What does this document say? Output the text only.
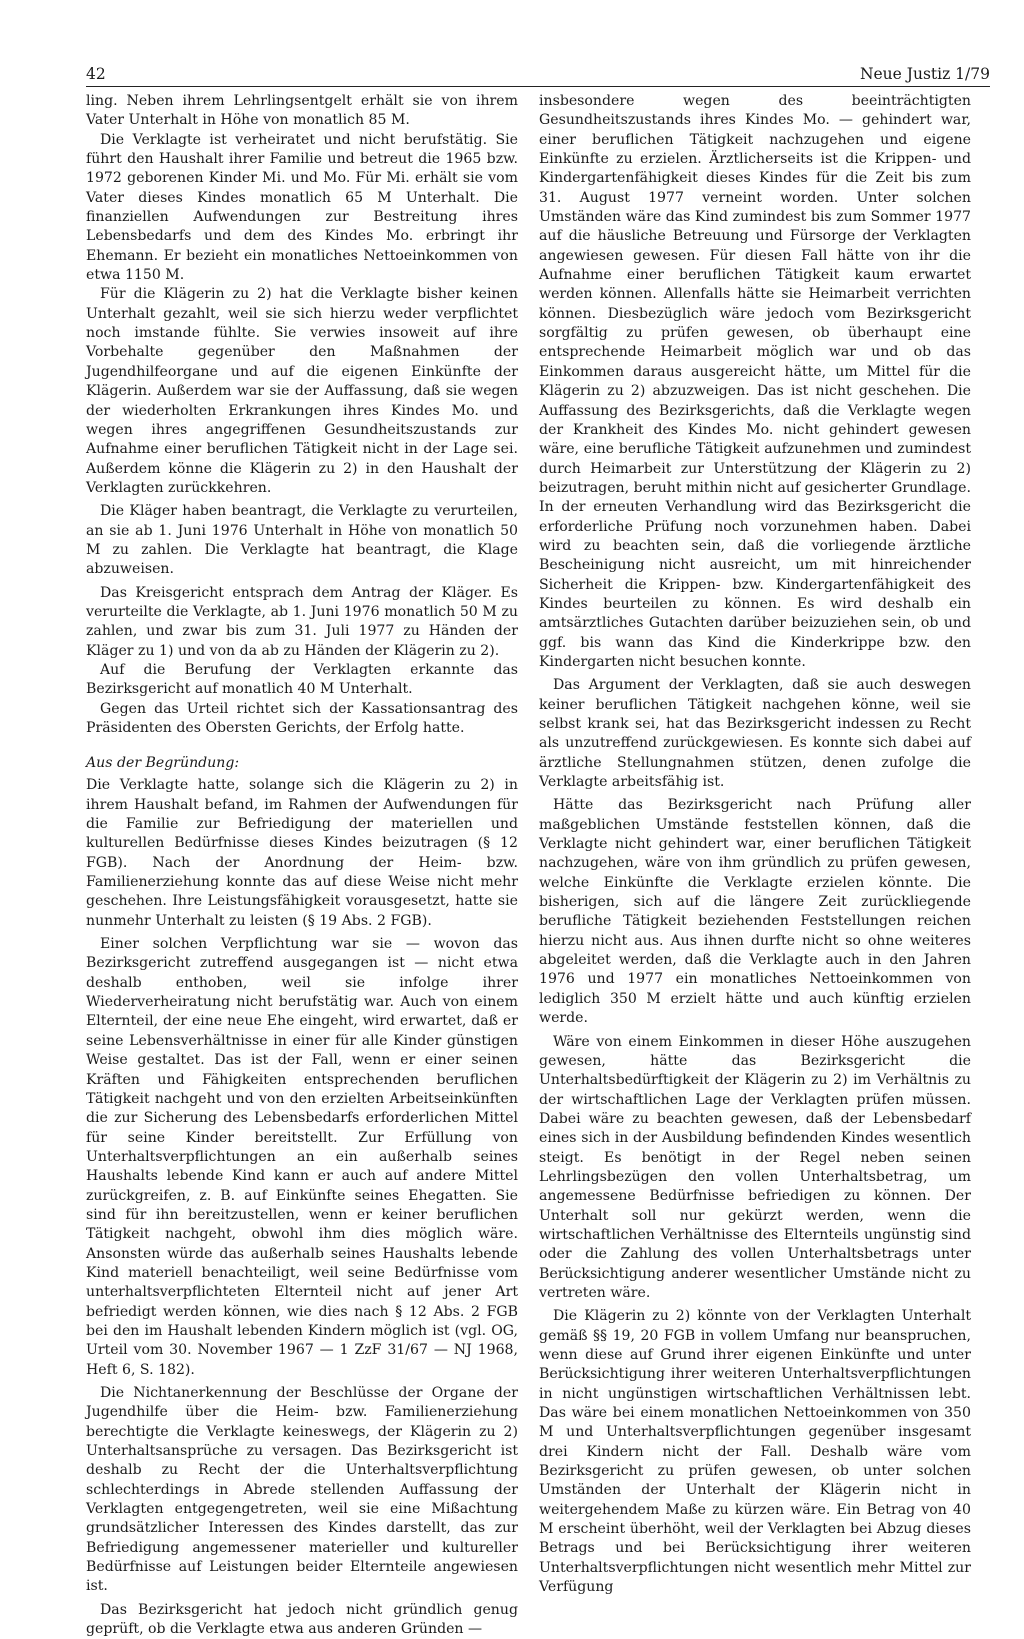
42	Neue Justiz 1/79

ling. Neben ihrem Lehrlingsentgelt erhält sie von ihrem Vater Unterhalt in Höhe von monatlich 85 M.

Die Verklagte ist verheiratet und nicht berufstätig. Sie führt den Haushalt ihrer Familie und betreut die 1965 bzw. 1972 geborenen Kinder Mi. und Mo. Für Mi. erhält sie vom Vater dieses Kindes monatlich 65 M Unterhalt. Die finanziellen Aufwendungen zur Bestreitung ihres Lebensbedarfs und dem des Kindes Mo. erbringt ihr Ehemann. Er bezieht ein monatliches Nettoeinkommen von etwa 1150 M.

Für die Klägerin zu 2) hat die Verklagte bisher keinen Unterhalt gezahlt, weil sie sich hierzu weder verpflichtet noch imstande fühlte. Sie verwies insoweit auf ihre Vorbehalte gegenüber den Maßnahmen der Jugendhilfeorgane und auf die eigenen Einkünfte der Klägerin. Außerdem war sie der Auffassung, daß sie wegen der wiederholten Erkrankungen ihres Kindes Mo. und wegen ihres angegriffenen Gesundheitszustands zur Aufnahme einer beruflichen Tätigkeit nicht in der Lage sei. Außerdem könne die Klägerin zu 2) in den Haushalt der Verklagten zurückkehren.

Die Kläger haben beantragt, die Verklagte zu verurteilen, an sie ab 1. Juni 1976 Unterhalt in Höhe von monatlich 50 M zu zahlen. Die Verklagte hat beantragt, die Klage abzuweisen.

Das Kreisgericht entsprach dem Antrag der Kläger. Es verurteilte die Verklagte, ab 1. Juni 1976 monatlich 50 M zu zahlen, und zwar bis zum 31. Juli 1977 zu Händen der Kläger zu 1) und von da ab zu Händen der Klägerin zu 2).

Auf die Berufung der Verklagten erkannte das Bezirksgericht auf monatlich 40 M Unterhalt.

Gegen das Urteil richtet sich der Kassationsantrag des Präsidenten des Obersten Gerichts, der Erfolg hatte.

Aus der Begründung:

Die Verklagte hatte, solange sich die Klägerin zu 2) in ihrem Haushalt befand, im Rahmen der Aufwendungen für die Familie zur Befriedigung der materiellen und kulturellen Bedürfnisse dieses Kindes beizutragen (§ 12 FGB). Nach der Anordnung der Heim- bzw. Familienerziehung konnte das auf diese Weise nicht mehr geschehen. Ihre Leistungsfähigkeit vorausgesetzt, hatte sie nunmehr Unterhalt zu leisten (§ 19 Abs. 2 FGB).

Einer solchen Verpflichtung war sie — wovon das Bezirksgericht zutreffend ausgegangen ist — nicht etwa deshalb enthoben, weil sie infolge ihrer Wiederverheiratung nicht berufstätig war. Auch von einem Elternteil, der eine neue Ehe eingeht, wird erwartet, daß er seine Lebensverhältnisse in einer für alle Kinder günstigen Weise gestaltet. Das ist der Fall, wenn er einer seinen Kräften und Fähigkeiten entsprechenden beruflichen Tätigkeit nachgeht und von den erzielten Arbeitseinkünften die zur Sicherung des Lebensbedarfs erforderlichen Mittel für seine Kinder bereitstellt. Zur Erfüllung von Unterhaltsverpflichtungen an ein außerhalb seines Haushalts lebende Kind kann er auch auf andere Mittel zurückgreifen, z. B. auf Einkünfte seines Ehegatten. Sie sind für ihn bereitzustellen, wenn er keiner beruflichen Tätigkeit nachgeht, obwohl ihm dies möglich wäre. Ansonsten würde das außerhalb seines Haushalts lebende Kind materiell benachteiligt, weil seine Bedürfnisse vom unterhaltsverpflichteten Elternteil nicht auf jener Art befriedigt werden können, wie dies nach § 12 Abs. 2 FGB bei den im Haushalt lebenden Kindern möglich ist (vgl. OG, Urteil vom 30. November 1967 — 1 ZzF 31/67 — NJ 1968, Heft 6, S. 182).

Die Nichtanerkennung der Beschlüsse der Organe der Jugendhilfe über die Heim- bzw. Familienerziehung berechtigte die Verklagte keineswegs, der Klägerin zu 2) Unterhaltsansprüche zu versagen. Das Bezirksgericht ist deshalb zu Recht der die Unterhaltsverpflichtung schlechterdings in Abrede stellenden Auffassung der Verklagten entgegengetreten, weil sie eine Mißachtung grundsätzlicher Interessen des Kindes darstellt, das zur Befriedigung angemessener materieller und kultureller Bedürfnisse auf Leistungen beider Elternteile angewiesen ist.

Das Bezirksgericht hat jedoch nicht gründlich genug geprüft, ob die Verklagte etwa aus anderen Gründen —

insbesondere wegen des beeinträchtigten Gesundheitszustands ihres Kindes Mo. — gehindert war, einer beruflichen Tätigkeit nachzugehen und eigene Einkünfte zu erzielen. Ärztlicherseits ist die Krippen- und Kindergartenfähigkeit dieses Kindes für die Zeit bis zum 31. August 1977 verneint worden. Unter solchen Umständen wäre das Kind zumindest bis zum Sommer 1977 auf die häusliche Betreuung und Fürsorge der Verklagten angewiesen gewesen. Für diesen Fall hätte von ihr die Aufnahme einer beruflichen Tätigkeit kaum erwartet werden können. Allenfalls hätte sie Heimarbeit verrichten können. Diesbezüglich wäre jedoch vom Bezirksgericht sorgfältig zu prüfen gewesen, ob überhaupt eine entsprechende Heimarbeit möglich war und ob das Einkommen daraus ausgereicht hätte, um Mittel für die Klägerin zu 2) abzuzweigen. Das ist nicht geschehen. Die Auffassung des Bezirksgerichts, daß die Verklagte wegen der Krankheit des Kindes Mo. nicht gehindert gewesen wäre, eine berufliche Tätigkeit aufzunehmen und zumindest durch Heimarbeit zur Unterstützung der Klägerin zu 2) beizutragen, beruht mithin nicht auf gesicherter Grundlage. In der erneuten Verhandlung wird das Bezirksgericht die erforderliche Prüfung noch vorzunehmen haben. Dabei wird zu beachten sein, daß die vorliegende ärztliche Bescheinigung nicht ausreicht, um mit hinreichender Sicherheit die Krippen- bzw. Kindergartenfähigkeit des Kindes beurteilen zu können. Es wird deshalb ein amtsärztliches Gutachten darüber beizuziehen sein, ob und ggf. bis wann das Kind die Kinderkrippe bzw. den Kindergarten nicht besuchen konnte.

Das Argument der Verklagten, daß sie auch deswegen keiner beruflichen Tätigkeit nachgehen könne, weil sie selbst krank sei, hat das Bezirksgericht indessen zu Recht als unzutreffend zurückgewiesen. Es konnte sich dabei auf ärztliche Stellungnahmen stützen, denen zufolge die Verklagte arbeitsfähig ist.

Hätte das Bezirksgericht nach Prüfung aller maßgeblichen Umstände feststellen können, daß die Verklagte nicht gehindert war, einer beruflichen Tätigkeit nachzugehen, wäre von ihm gründlich zu prüfen gewesen, welche Einkünfte die Verklagte erzielen könnte. Die bisherigen, sich auf die längere Zeit zurückliegende berufliche Tätigkeit beziehenden Feststellungen reichen hierzu nicht aus. Aus ihnen durfte nicht so ohne weiteres abgeleitet werden, daß die Verklagte auch in den Jahren 1976 und 1977 ein monatliches Nettoeinkommen von lediglich 350 M erzielt hätte und auch künftig erzielen werde.

Wäre von einem Einkommen in dieser Höhe auszugehen gewesen, hätte das Bezirksgericht die Unterhaltsbedürftigkeit der Klägerin zu 2) im Verhältnis zu der wirtschaftlichen Lage der Verklagten prüfen müssen. Dabei wäre zu beachten gewesen, daß der Lebensbedarf eines sich in der Ausbildung befindenden Kindes wesentlich steigt. Es benötigt in der Regel neben seinen Lehrlingsbezügen den vollen Unterhaltsbetrag, um angemessene Bedürfnisse befriedigen zu können. Der Unterhalt soll nur gekürzt werden, wenn die wirtschaftlichen Verhältnisse des Elternteils ungünstig sind oder die Zahlung des vollen Unterhaltsbetrags unter Berücksichtigung anderer wesentlicher Umstände nicht zu vertreten wäre.

Die Klägerin zu 2) könnte von der Verklagten Unterhalt gemäß §§ 19, 20 FGB in vollem Umfang nur beanspruchen, wenn diese auf Grund ihrer eigenen Einkünfte und unter Berücksichtigung ihrer weiteren Unterhaltsverpflichtungen in nicht ungünstigen wirtschaftlichen Verhältnissen lebt. Das wäre bei einem monatlichen Nettoeinkommen von 350 M und Unterhaltsverpflichtungen gegenüber insgesamt drei Kindern nicht der Fall. Deshalb wäre vom Bezirksgericht zu prüfen gewesen, ob unter solchen Umständen der Unterhalt der Klägerin nicht in weitergehendem Maße zu kürzen wäre. Ein Betrag von 40 M erscheint überhöht, weil der Verklagten bei Abzug dieses Betrags und bei Berücksichtigung ihrer weiteren Unterhaltsverpflichtungen nicht wesentlich mehr Mittel zur Verfügung
